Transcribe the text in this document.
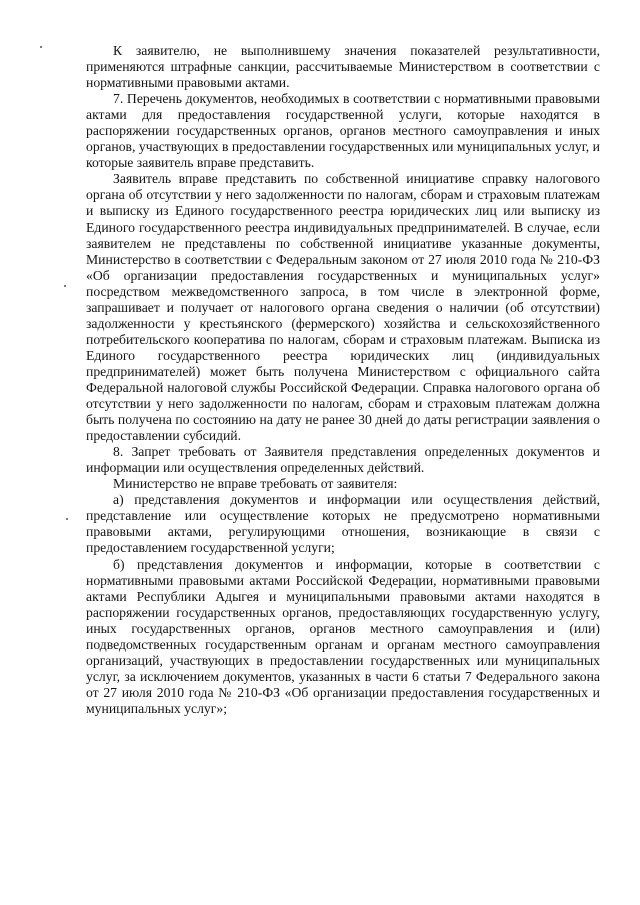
К заявителю, не выполнившему значения показателей результативности, применяются штрафные санкции, рассчитываемые Министерством в соответствии с нормативными правовыми актами.

7. Перечень документов, необходимых в соответствии с нормативными правовыми актами для предоставления государственной услуги, которые находятся в распоряжении государственных органов, органов местного самоуправления и иных органов, участвующих в предоставлении государственных или муниципальных услуг, и которые заявитель вправе представить.

Заявитель вправе представить по собственной инициативе справку налогового органа об отсутствии у него задолженности по налогам, сборам и страховым платежам и выписку из Единого государственного реестра юридических лиц или выписку из Единого государственного реестра индивидуальных предпринимателей. В случае, если заявителем не представлены по собственной инициативе указанные документы, Министерство в соответствии с Федеральным законом от 27 июля 2010 года № 210-ФЗ «Об организации предоставления государственных и муниципальных услуг» посредством межведомственного запроса, в том числе в электронной форме, запрашивает и получает от налогового органа сведения о наличии (об отсутствии) задолженности у крестьянского (фермерского) хозяйства и сельскохозяйственного потребительского кооператива по налогам, сборам и страховым платежам. Выписка из Единого государственного реестра юридических лиц (индивидуальных предпринимателей) может быть получена Министерством с официального сайта Федеральной налоговой службы Российской Федерации. Справка налогового органа об отсутствии у него задолженности по налогам, сборам и страховым платежам должна быть получена по состоянию на дату не ранее 30 дней до даты регистрации заявления о предоставлении субсидий.

8. Запрет требовать от Заявителя представления определенных документов и информации или осуществления определенных действий.

Министерство не вправе требовать от заявителя:

а) представления документов и информации или осуществления действий, представление или осуществление которых не предусмотрено нормативными правовыми актами, регулирующими отношения, возникающие в связи с предоставлением государственной услуги;

б) представления документов и информации, которые в соответствии с нормативными правовыми актами Российской Федерации, нормативными правовыми актами Республики Адыгея и муниципальными правовыми актами находятся в распоряжении государственных органов, предоставляющих государственную услугу, иных государственных органов, органов местного самоуправления и (или) подведомственных государственным органам и органам местного самоуправления организаций, участвующих в предоставлении государственных или муниципальных услуг, за исключением документов, указанных в части 6 статьи 7 Федерального закона от 27 июля 2010 года № 210-ФЗ «Об организации предоставления государственных и муниципальных услуг»;
